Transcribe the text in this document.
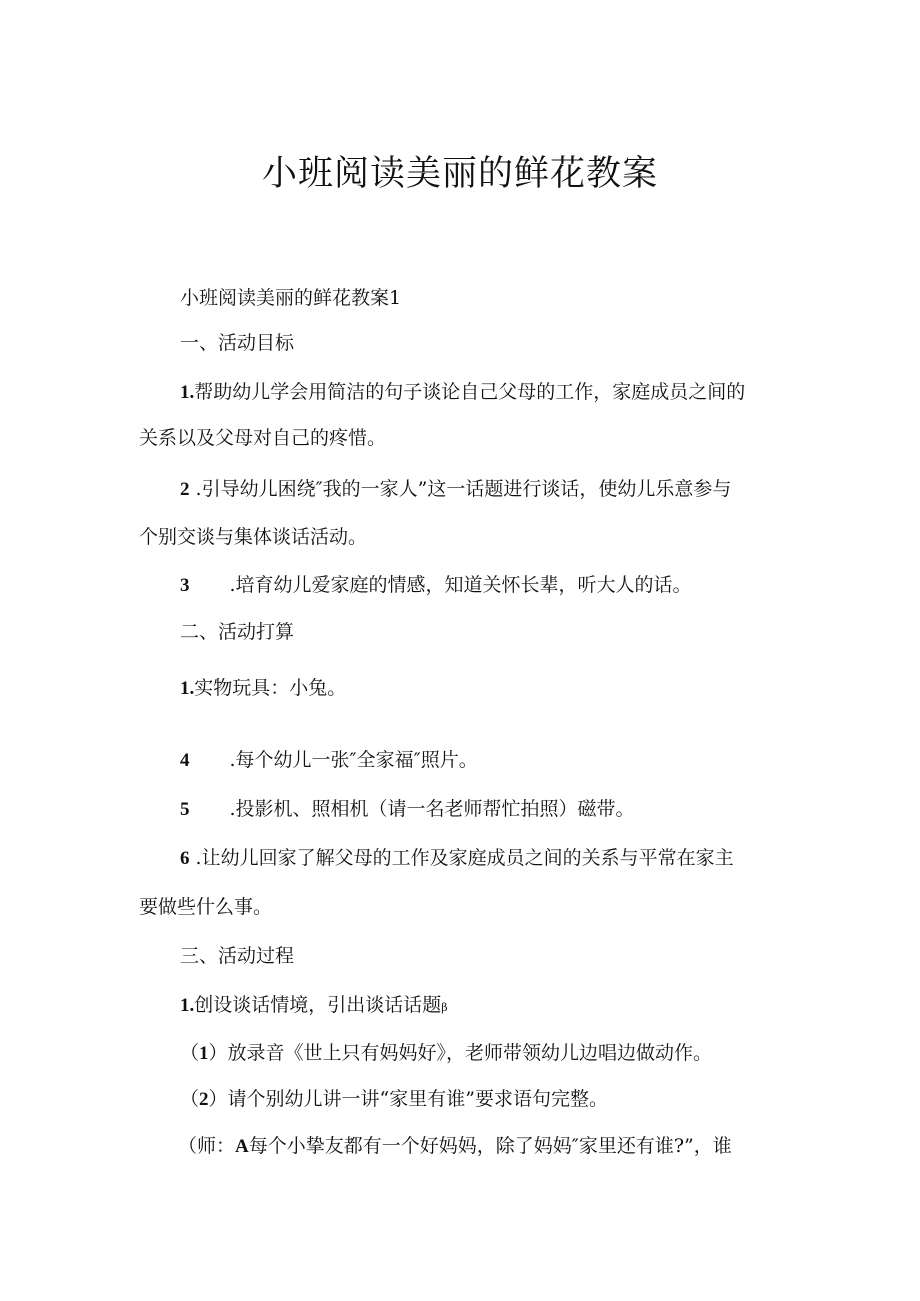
小班阅读美丽的鲜花教案
小班阅读美丽的鲜花教案1
一、活动目标
1.帮助幼儿学会用简洁的句子谈论自己父母的工作，家庭成员之间的
关系以及父母对自己的疼惜。
2 .引导幼儿困绕″我的一家人”这一话题进行谈话，使幼儿乐意参与
个别交谈与集体谈话活动。
3 .培育幼儿爱家庭的情感，知道关怀长辈，听大人的话。
二、活动打算
1.实物玩具：小兔。
4 .每个幼儿一张″全家福″照片。
5 .投影机、照相机（请一名老师帮忙拍照）磁带。
6 .让幼儿回家了解父母的工作及家庭成员之间的关系与平常在家主
要做些什么事。
三、活动过程
1.创设谈话情境，引出谈话话题β
（1）放录音《世上只有妈妈好》，老师带领幼儿边唱边做动作。
（2）请个别幼儿讲一讲“家里有谁”要求语句完整。
（师：A每个小挚友都有一个好妈妈，除了妈妈″家里还有谁?”，谁
